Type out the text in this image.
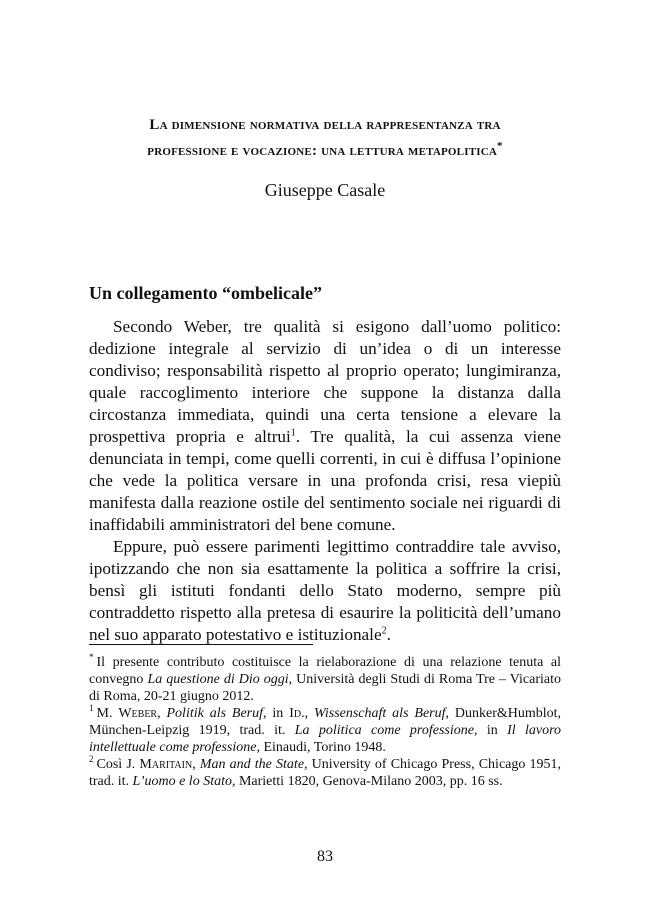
La dimensione normativa della rappresentanza tra
professione e vocazione: una lettura metapolitica*
Giuseppe Casale
Un collegamento “ombelicale”

Secondo Weber, tre qualità si esigono dall’uomo politico: dedizione integrale al servizio di un’idea o di un interesse condiviso; responsabilità rispetto al proprio operato; lungimiranza, quale raccoglimento interiore che suppone la distanza dalla circostanza immediata, quindi una certa tensione a elevare la prospettiva propria e altrui$^1$. Tre qualità, la cui assenza viene denunciata in tempi, come quelli correnti, in cui è diffusa l’opinione che vede la politica versare in una profonda crisi, resa viepiù manifesta dalla reazione ostile del sentimento sociale nei riguardi di inaffidabili amministratori del bene comune.

Eppure, può essere parimenti legittimo contraddire tale avviso, ipotizzando che non sia esattamente la politica a soffrire la crisi, bensì gli istituti fondanti dello Stato moderno, sempre più contraddetto rispetto alla pretesa di esaurire la politicità dell’umano nel suo apparato potestativo e istituzionale$^2$.

* Il presente contributo costituisce la rielaborazione di una relazione tenuta al convegno La questione di Dio oggi, Università degli Studi di Roma Tre – Vicariato di Roma, 20-21 giugno 2012.

$^1$ M. Weber, Politik als Beruf, in Id., Wissenschaft als Beruf, Dunker&Humblot, München-Leipzig 1919, trad. it. La politica come professione, in Il lavoro intellettuale come professione, Einaudi, Torino 1948.

$^2$ Così J. Maritain, Man and the State, University of Chicago Press, Chicago 1951, trad. it. L’uomo e lo Stato, Marietti 1820, Genova-Milano 2003, pp. 16 ss.

83
